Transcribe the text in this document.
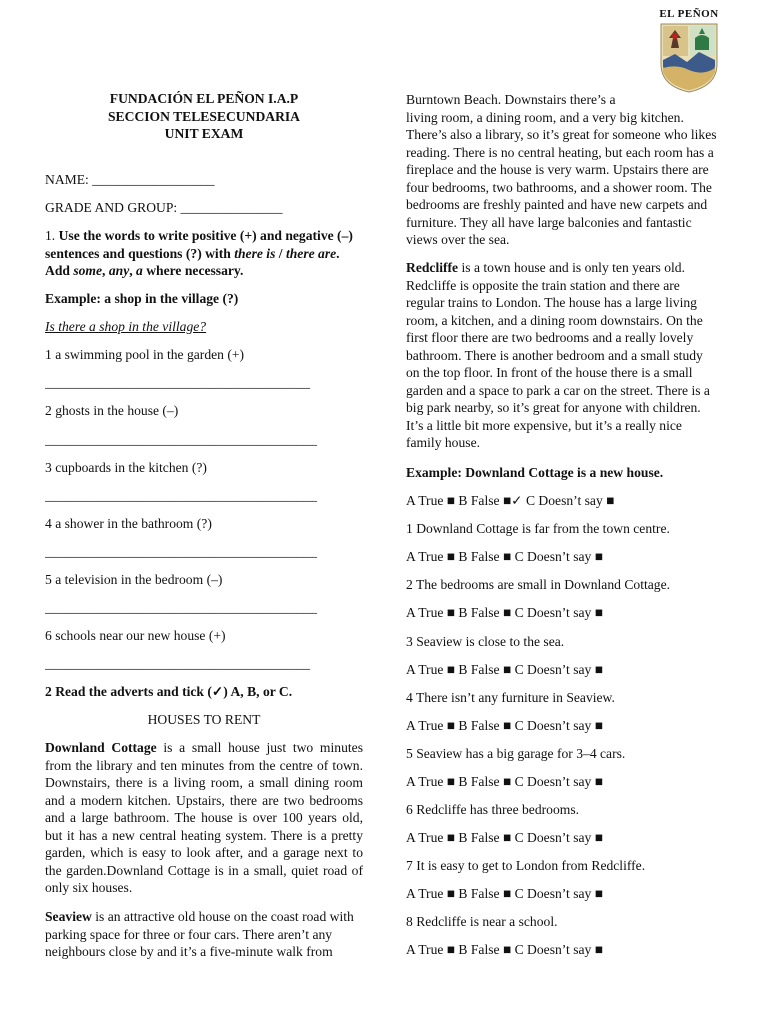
EL PEÑON
FUNDACIÓN EL PEÑON I.A.P
SECCION TELESECUNDARIA
UNIT EXAM
NAME: __________________
GRADE AND GROUP: _______________
1. Use the words to write positive (+) and negative (–) sentences and questions (?) with there is / there are. Add some, any, a where necessary.
Example: a shop in the village (?)
Is there a shop in the village?
1 a swimming pool in the garden (+)
_______________________________________
2 ghosts in the house (–)
________________________________________
3 cupboards in the kitchen (?)
________________________________________
4 a shower in the bathroom (?)
________________________________________
5 a television in the bedroom (–)
________________________________________
6 schools near our new house (+)
_______________________________________
2 Read the adverts and tick (✓) A, B, or C.
HOUSES TO RENT
Downland Cottage is a small house just two minutes from the library and ten minutes from the centre of town. Downstairs, there is a living room, a small dining room and a modern kitchen. Upstairs, there are two bedrooms and a large bathroom. The house is over 100 years old, but it has a new central heating system. There is a pretty garden, which is easy to look after, and a garage next to the garden.Downland Cottage is in a small, quiet road of only six houses.
Seaview is an attractive old house on the coast road with
parking space for three or four cars. There aren’t any
neighbours close by and it’s a five-minute walk from
Burntown Beach. Downstairs there’s a
living room, a dining room, and a very big kitchen.
There’s also a library, so it’s great for someone who likes
reading. There is no central heating, but each room has a
fireplace and the house is very warm. Upstairs there are
four bedrooms, two bathrooms, and a shower room. The
bedrooms are freshly painted and have new carpets and
furniture. They all have large balconies and fantastic
views over the sea.
Redcliffe is a town house and is only ten years old.
Redcliffe is opposite the train station and there are
regular trains to London. The house has a large living
room, a kitchen, and a dining room downstairs. On the
first floor there are two bedrooms and a really lovely
bathroom. There is another bedroom and a small study
on the top floor. In front of the house there is a small
garden and a space to park a car on the street. There is a
big park nearby, so it’s great for anyone with children.
It’s a little bit more expensive, but it’s a really nice
family house.
Example: Downland Cottage is a new house.
A True ■ B False ■✓ C Doesn’t say ■
1 Downland Cottage is far from the town centre.
A True ■ B False ■ C Doesn’t say ■
2 The bedrooms are small in Downland Cottage.
A True ■ B False ■ C Doesn’t say ■
3 Seaview is close to the sea.
A True ■ B False ■ C Doesn’t say ■
4 There isn’t any furniture in Seaview.
A True ■ B False ■ C Doesn’t say ■
5 Seaview has a big garage for 3–4 cars.
A True ■ B False ■ C Doesn’t say ■
6 Redcliffe has three bedrooms.
A True ■ B False ■ C Doesn’t say ■
7 It is easy to get to London from Redcliffe.
A True ■ B False ■ C Doesn’t say ■
8 Redcliffe is near a school.
A True ■ B False ■ C Doesn’t say ■
